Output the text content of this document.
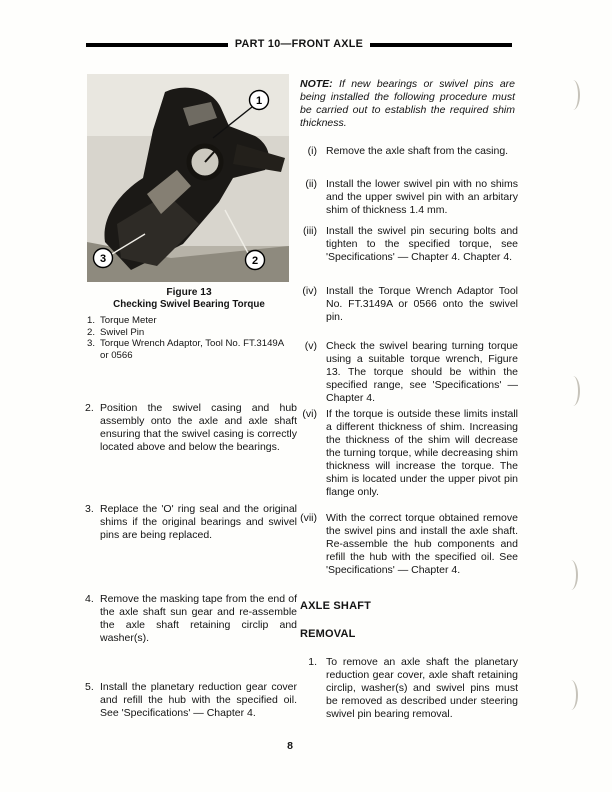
PART 10—FRONT AXLE
1
2
3
Figure 13
Checking Swivel Bearing Torque
1. Torque Meter
2. Swivel Pin
3. Torque Wrench Adaptor, Tool No. FT.3149A or 0566
2. Position the swivel casing and hub assembly onto the axle and axle shaft ensuring that the swivel casing is correctly located above and below the bearings.
3. Replace the 'O' ring seal and the original shims if the original bearings and swivel pins are being replaced.
4. Remove the masking tape from the end of the axle shaft sun gear and re-assemble the axle shaft retaining circlip and washer(s).
5. Install the planetary reduction gear cover and refill the hub with the specified oil. See 'Specifications' — Chapter 4.
NOTE: If new bearings or swivel pins are being installed the following procedure must be carried out to establish the required shim thickness.
(i) Remove the axle shaft from the casing.
(ii) Install the lower swivel pin with no shims and the upper swivel pin with an arbitary shim of thickness 1.4 mm.
(iii) Install the swivel pin securing bolts and tighten to the specified torque, see 'Specifications' — Chapter 4. Chapter 4.
(iv) Install the Torque Wrench Adaptor Tool No. FT.3149A or 0566 onto the swivel pin.
(v) Check the swivel bearing turning torque using a suitable torque wrench, Figure 13. The torque should be within the specified range, see 'Specifications' — Chapter 4.
(vi) If the torque is outside these limits install a different thickness of shim. Increasing the thickness of the shim will decrease the turning torque, while decreasing shim thickness will increase the torque. The shim is located under the upper pivot pin flange only.
(vii) With the correct torque obtained remove the swivel pins and install the axle shaft. Re-assemble the hub components and refill the hub with the specified oil. See 'Specifications' — Chapter 4.
AXLE SHAFT
REMOVAL
1. To remove an axle shaft the planetary reduction gear cover, axle shaft retaining circlip, washer(s) and swivel pins must be removed as described under steering swivel pin bearing removal.
8
